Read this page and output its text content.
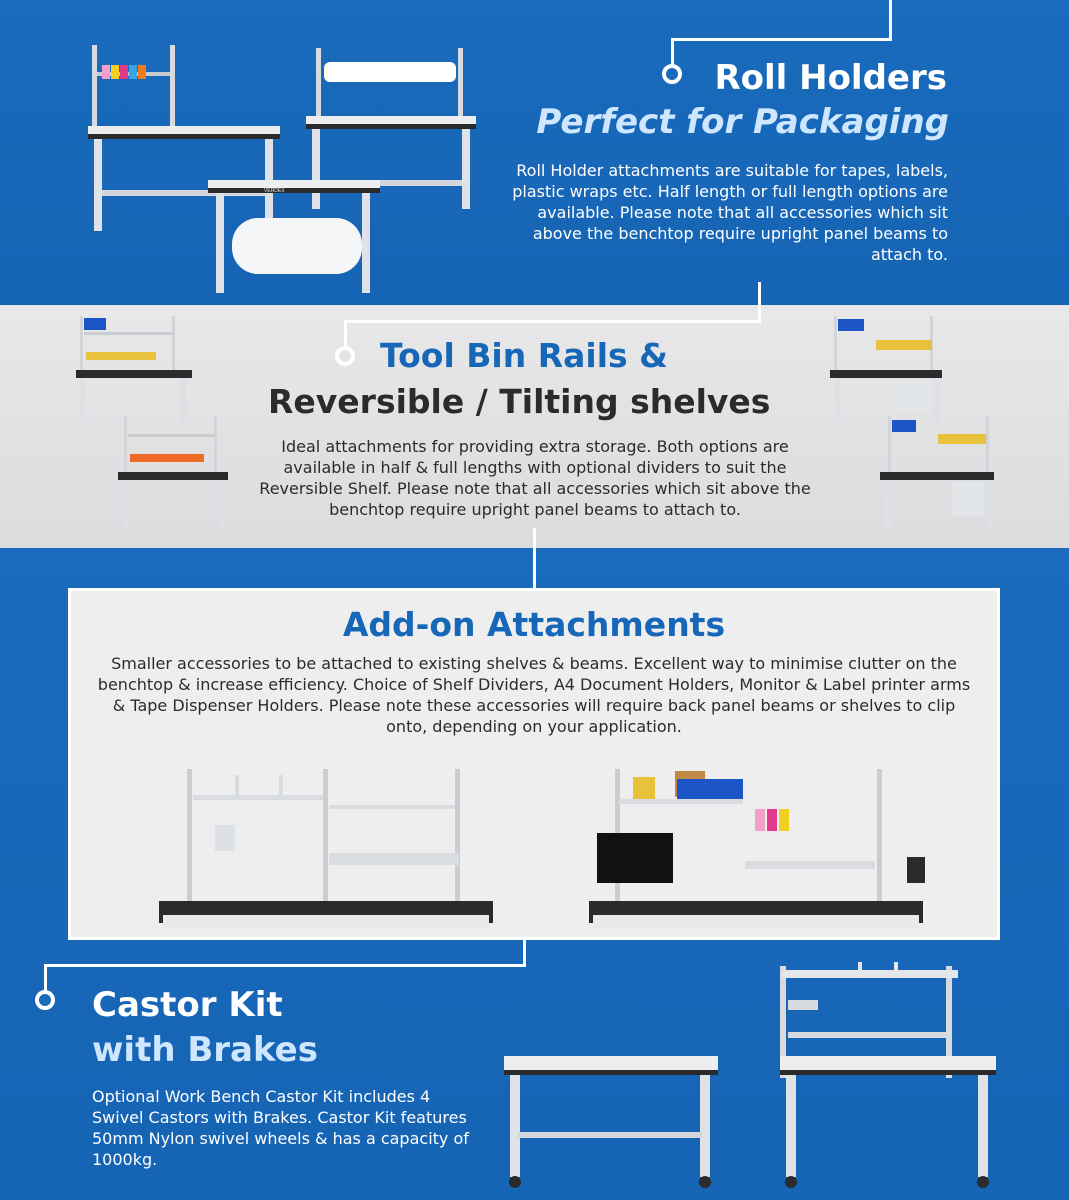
Roll Holders
Perfect for Packaging
Roll Holder attachments are suitable for tapes, labels, plastic wraps etc. Half length or full length options are available. Please note that all accessories which sit above the benchtop require upright panel beams to attach to.
VERDEX
Tool Bin Rails &
Reversible / Tilting shelves
Ideal attachments for providing extra storage. Both options are available in half & full lengths with optional dividers to suit the Reversible Shelf. Please note that all accessories which sit above the benchtop require upright panel beams to attach to.
Add-on Attachments
Smaller accessories to be attached to existing shelves & beams. Excellent way to minimise clutter on the benchtop & increase efficiency. Choice of Shelf Dividers, A4 Document Holders, Monitor & Label printer arms & Tape Dispenser Holders. Please note these accessories will require back panel beams or shelves to clip onto, depending on your application.
Castor Kit
with Brakes
Optional Work Bench Castor Kit includes 4 Swivel Castors with Brakes. Castor Kit features 50mm Nylon swivel wheels & has a capacity of 1000kg.
